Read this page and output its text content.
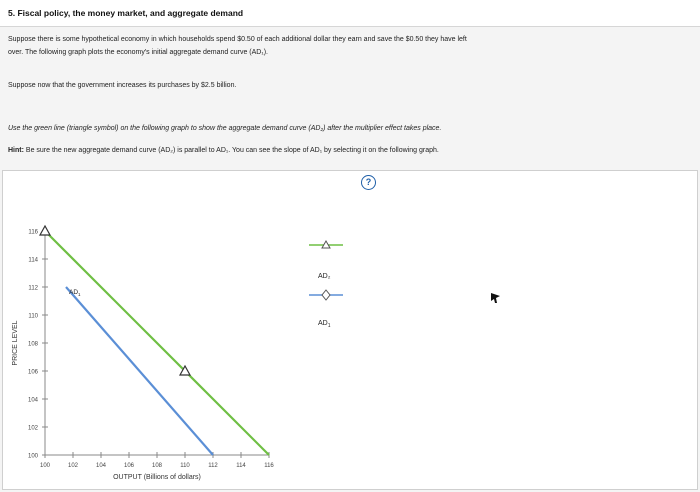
5. Fiscal policy, the money market, and aggregate demand
Suppose there is some hypothetical economy in which households spend $0.50 of each additional dollar they earn and save the $0.50 they have left
over. The following graph plots the economy's initial aggregate demand curve (AD₁).
Suppose now that the government increases its purchases by $2.5 billion.
Use the green line (triangle symbol) on the following graph to show the aggregate demand curve (AD₂) after the multiplier effect takes place.
Hint: Be sure the new aggregate demand curve (AD₂) is parallel to AD₁. You can see the slope of AD₁ by selecting it on the following graph.
?
100
102
104
106
108
110
112
114
116
100	102	104	106	108	110	112	114	116
$AD_1$
PRICE LEVEL
OUTPUT (Billions of dollars)
AD₂
$AD_1$
